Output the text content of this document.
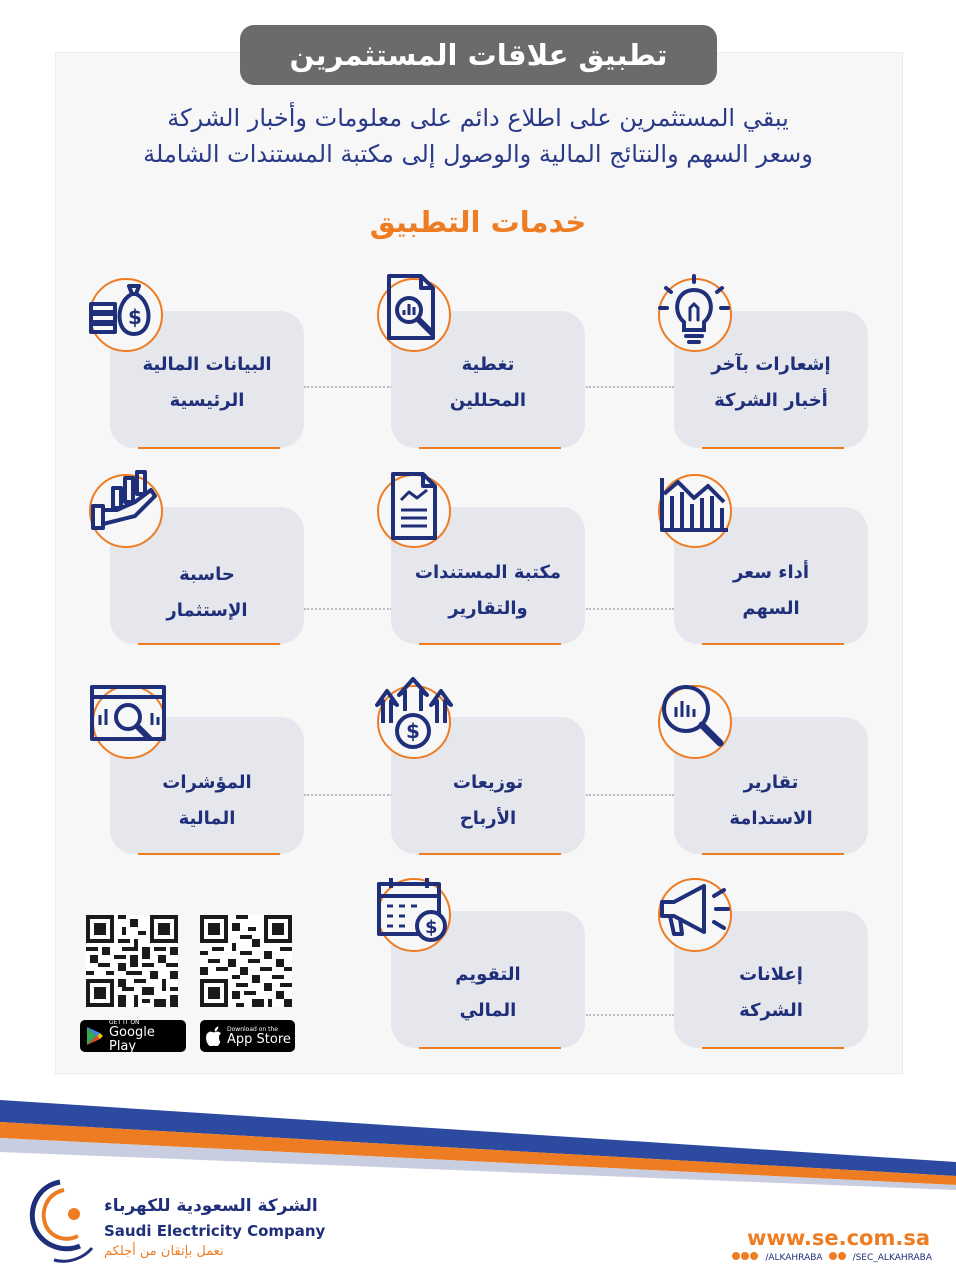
تطبيق علاقات المستثمرين
يبقي المستثمرين على اطلاع دائم على معلومات وأخبار الشركة
وسعر السهم والنتائج المالية والوصول إلى مكتبة المستندات الشاملة
خدمات التطبيق
البيانات المالية
الرئيسية
$
تغطية
المحللين
إشعارات بآخر
أخبار الشركة
حاسبة
الإستثمار
مكتبة المستندات
والتقارير
أداء سعر
السهم
المؤشرات
المالية
توزيعات
الأرباح
$
تقارير
الاستدامة
التقويم
المالي
$
إعلانات
الشركة
GET IT ON
Google Play
Download on the
App Store
الشركة السعودية للكهرباء
Saudi Electricity Company
نعمل بإتقان من أجلكم
www.se.com.sa
/ALKAHRABA	/SEC_ALKAHRABA
